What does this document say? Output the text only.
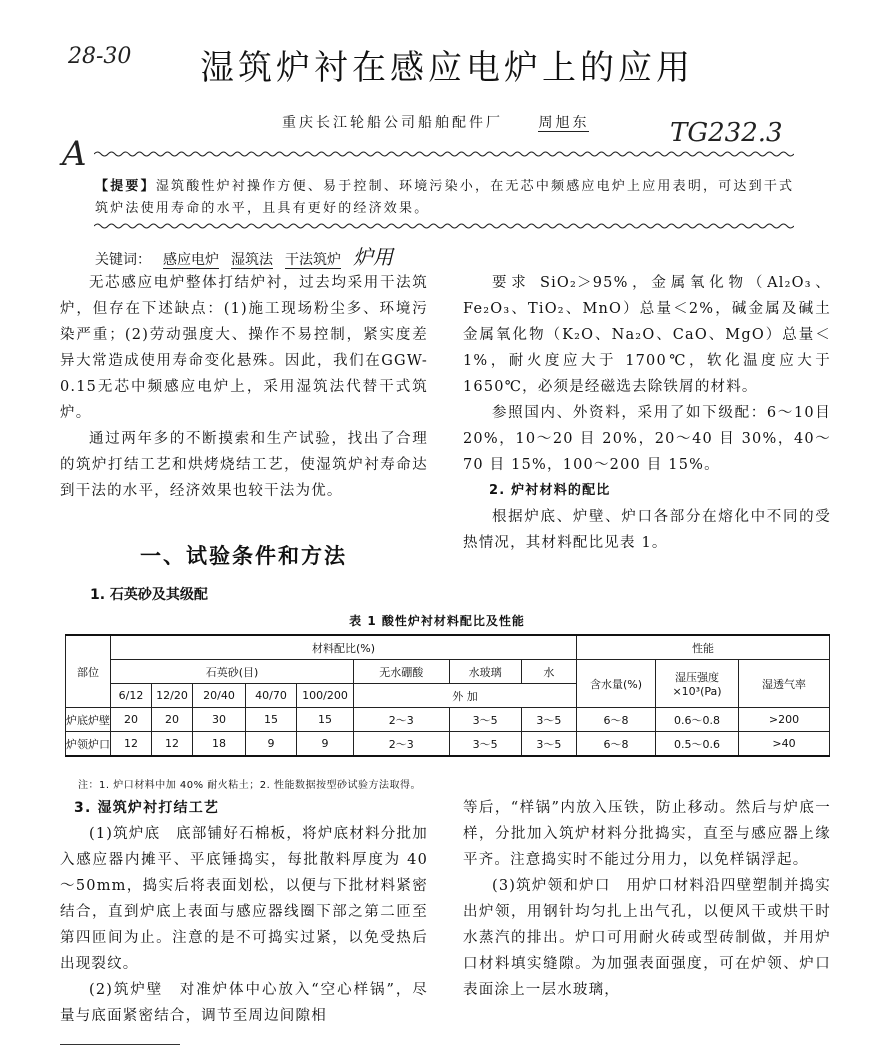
28-30
A
TG232.3
湿筑炉衬在感应电炉上的应用
重庆长江轮船公司船舶配件厂	周旭东
【提要】湿筑酸性炉衬操作方便、易于控制、环境污染小，在无芯中频感应电炉上应用表明，可达到干式筑炉法使用寿命的水平，且具有更好的经济效果。
关键词： 感应电炉 湿筑法 干法筑炉 炉用

无芯感应电炉整体打结炉衬，过去均采用干法筑炉，但存在下述缺点：(1)施工现场粉尘多、环境污染严重；(2)劳动强度大、操作不易控制，紧实度差异大常造成使用寿命变化悬殊。因此，我们在GGW-0.15无芯中频感应电炉上，采用湿筑法代替干式筑炉。

通过两年多的不断摸索和生产试验，找出了合理的筑炉打结工艺和烘烤烧结工艺，使湿筑炉衬寿命达到干法的水平，经济效果也较干法为优。

要求 SiO₂＞95%，金属氧化物（Al₂O₃、Fe₂O₃、TiO₂、MnO）总量＜2%，碱金属及碱土金属氧化物（K₂O、Na₂O、CaO、MgO）总量＜1%，耐火度应大于 1700℃，软化温度应大于1650℃，必须是经磁选去除铁屑的材料。

参照国内、外资料，采用了如下级配：6～10目 20%，10～20 目 20%，20～40 目 30%，40～70 目 15%，100～200 目 15%。

2. 炉衬材料的配比

根据炉底、炉壁、炉口各部分在熔化中不同的受热情况，其材料配比见表 1。

一、试验条件和方法
1. 石英砂及其级配
表 1 酸性炉衬材料配比及性能
部位	材料配比(%)								性能		
	石英砂(目)					无水硼酸	水玻璃	水	含水量(%)	湿压强度
×10³(Pa)	湿透气率
	6/12	12/20	20/40	40/70	100/200	外 加					
炉底炉壁	20	20	30	15	15	2～3	3～5	3～5	6～8	0.6～0.8	>200
炉领炉口	12	12	18	9	9	2～3	3～5	3～5	6～8	0.5～0.6	>40
注：1. 炉口材料中加 40% 耐火粘土；2. 性能数据按型砂试验方法取得。

3. 湿筑炉衬打结工艺

(1)筑炉底　底部铺好石棉板，将炉底材料分批加入感应器内摊平、平底锤捣实，每批散料厚度为 40～50mm，捣实后将表面划松，以便与下批材料紧密结合，直到炉底上表面与感应器线圈下部之第二匝至第四匝间为止。注意的是不可捣实过紧，以免受热后出现裂纹。

(2)筑炉壁　对准炉体中心放入“空心样锅”，尽量与底面紧密结合，调节至周边间隙相

等后，“样锅”内放入压铁，防止移动。然后与炉底一样，分批加入筑炉材料分批捣实，直至与感应器上缘平齐。注意捣实时不能过分用力，以免样锅浮起。

(3)筑炉领和炉口　用炉口材料沿四壁塑制并捣实出炉领，用钢针均匀扎上出气孔，以便风干或烘干时水蒸汽的排出。炉口可用耐火砖或型砖制做，并用炉口材料填实缝隙。为加强表面强度，可在炉领、炉口表面涂上一层水玻璃，
